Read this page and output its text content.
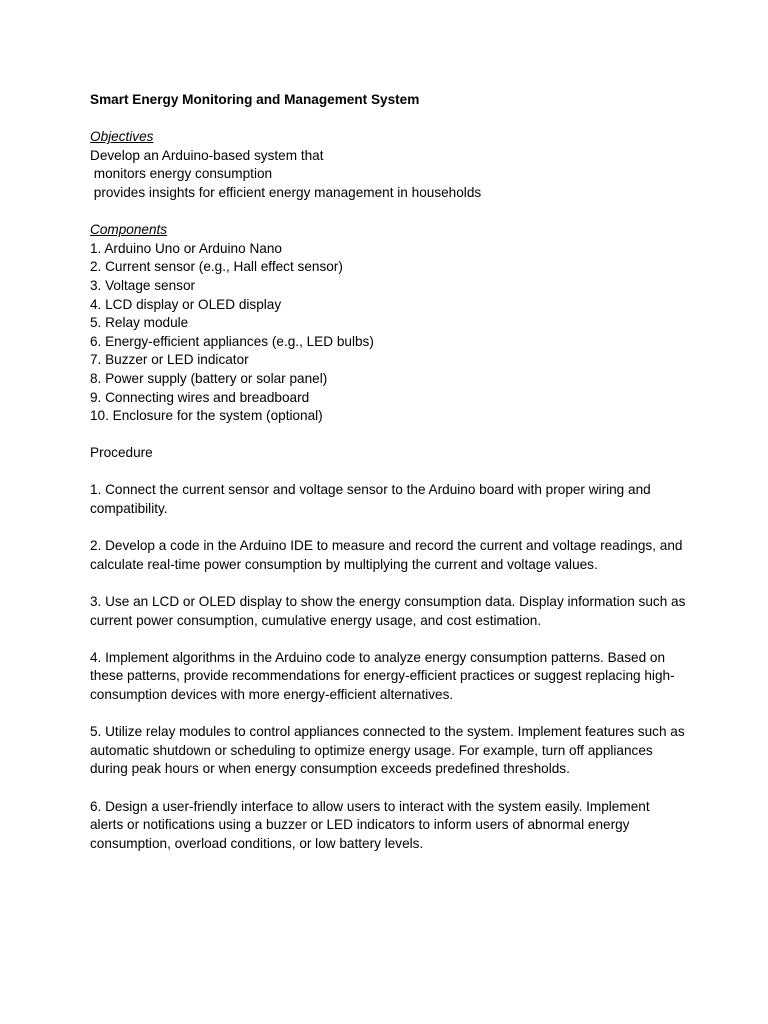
Smart Energy Monitoring and Management System

Objectives

Develop an Arduino-based system that

monitors energy consumption

provides insights for efficient energy management in households

Components

1. Arduino Uno or Arduino Nano

2. Current sensor (e.g., Hall effect sensor)

3. Voltage sensor

4. LCD display or OLED display

5. Relay module

6. Energy-efficient appliances (e.g., LED bulbs)

7. Buzzer or LED indicator

8. Power supply (battery or solar panel)

9. Connecting wires and breadboard

10. Enclosure for the system (optional)

Procedure

1. Connect the current sensor and voltage sensor to the Arduino board with proper wiring and compatibility.

2. Develop a code in the Arduino IDE to measure and record the current and voltage readings, and calculate real-time power consumption by multiplying the current and voltage values.

3. Use an LCD or OLED display to show the energy consumption data. Display information such as current power consumption, cumulative energy usage, and cost estimation.

4. Implement algorithms in the Arduino code to analyze energy consumption patterns. Based on these patterns, provide recommendations for energy-efficient practices or suggest replacing high-consumption devices with more energy-efficient alternatives.

5. Utilize relay modules to control appliances connected to the system. Implement features such as automatic shutdown or scheduling to optimize energy usage. For example, turn off appliances during peak hours or when energy consumption exceeds predefined thresholds.

6. Design a user-friendly interface to allow users to interact with the system easily. Implement alerts or notifications using a buzzer or LED indicators to inform users of abnormal energy consumption, overload conditions, or low battery levels.
